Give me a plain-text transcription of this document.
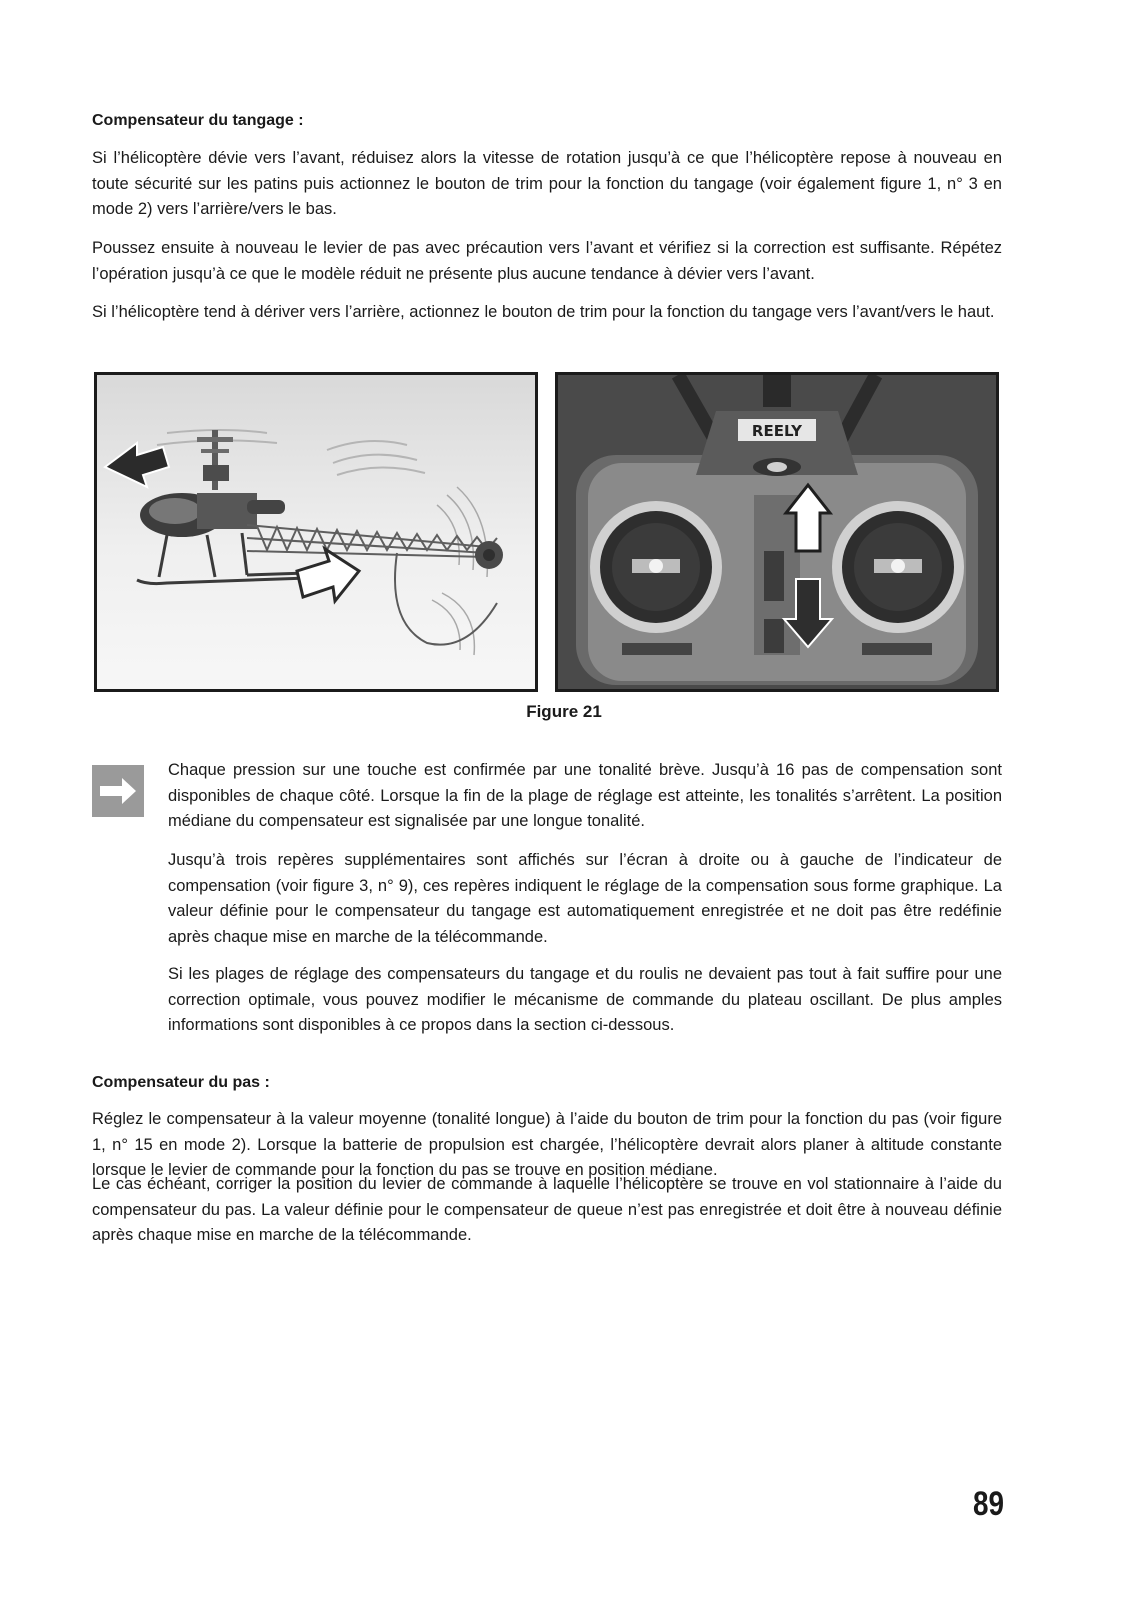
Compensateur du tangage :

Si l’hélicoptère dévie vers l’avant, réduisez alors la vitesse de rotation jusqu’à ce que l’hélicoptère repose à nouveau en toute sécurité sur les patins puis actionnez le bouton de trim pour la fonction du tangage (voir également figure 1, n° 3 en mode 2) vers l’arrière/vers le bas.

Poussez ensuite à nouveau le levier de pas avec précaution vers l’avant et vérifiez si la correction est suffisante. Répétez l’opération jusqu’à ce que le modèle réduit ne présente plus aucune tendance à dévier vers l’avant.

Si l’hélicoptère tend à dériver vers l’arrière, actionnez le bouton de trim pour la fonction du tangage vers l’avant/vers le haut.

REELY
Figure 21

Chaque pression sur une touche est confirmée par une tonalité brève. Jusqu’à 16 pas de compensation sont disponibles de chaque côté. Lorsque la fin de la plage de réglage est atteinte, les tonalités s’arrêtent. La position médiane du compensateur est signalisée par une longue tonalité.

Jusqu’à trois repères supplémentaires sont affichés sur l’écran à droite ou à gauche de l’indicateur de compensation (voir figure 3, n° 9), ces repères indiquent le réglage de la compensation sous forme graphique. La valeur définie pour le compensateur du tangage est automatiquement enregistrée et ne doit pas être redéfinie après chaque mise en marche de la télécommande.

Si les plages de réglage des compensateurs du tangage et du roulis ne devaient pas tout à fait suffire pour une correction optimale, vous pouvez modifier le mécanisme de commande du plateau oscillant. De plus amples informations sont disponibles à ce propos dans la section ci-dessous.

Compensateur du pas :

Réglez le compensateur à la valeur moyenne (tonalité longue) à l’aide du bouton de trim pour la fonction du pas (voir figure 1, n° 15 en mode 2). Lorsque la batterie de propulsion est chargée, l’hélicoptère devrait alors planer à altitude constante lorsque le levier de commande pour la fonction du pas se trouve en position médiane.

Le cas échéant, corriger la position du levier de commande à laquelle l’hélicoptère se trouve en vol stationnaire à l’aide du compensateur du pas. La valeur définie pour le compensateur de queue n’est pas enregistrée et doit être à nouveau définie après chaque mise en marche de la télécommande.

89
